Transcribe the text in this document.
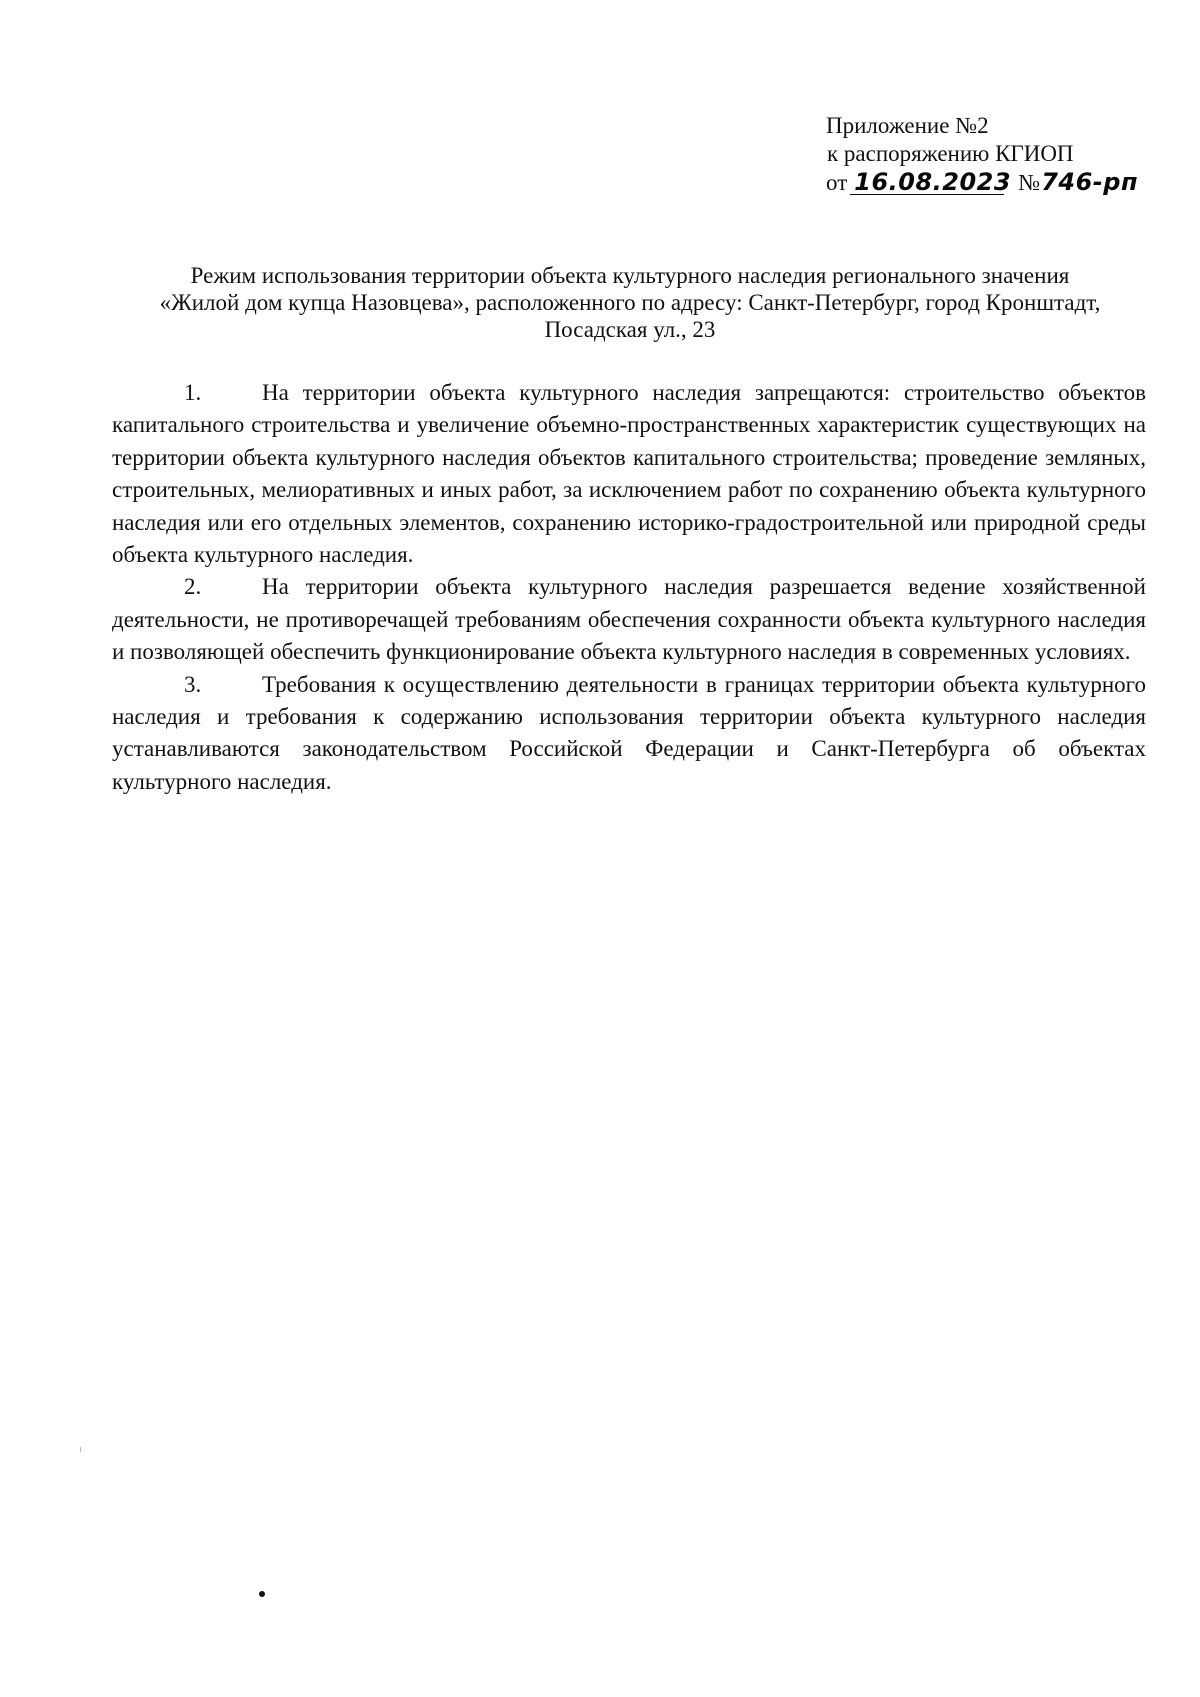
Приложение №2
к распоряжению КГИОП
от 16.08.2023 № 746-рп
Режим использования территории объекта культурного наследия регионального значения
«Жилой дом купца Назовцева», расположенного по адресу: Санкт-Петербург, город Кронштадт,
Посадская ул., 23

1.	На территории объекта культурного наследия запрещаются: строительство объектов капитального строительства и увеличение объемно-пространственных характеристик существующих на территории объекта культурного наследия объектов капитального строительства; проведение земляных, строительных, мелиоративных и иных работ, за исключением работ по сохранению объекта культурного наследия или его отдельных элементов, сохранению историко-градостроительной или природной среды объекта культурного наследия.

2.	На территории объекта культурного наследия разрешается ведение хозяйственной деятельности, не противоречащей требованиям обеспечения сохранности объекта культурного наследия и позволяющей обеспечить функционирование объекта культурного наследия в современных условиях.

3.	Требования к осуществлению деятельности в границах территории объекта культурного наследия и требования к содержанию использования территории объекта культурного наследия устанавливаются законодательством Российской Федерации и Санкт-Петербурга об объектах культурного наследия.
